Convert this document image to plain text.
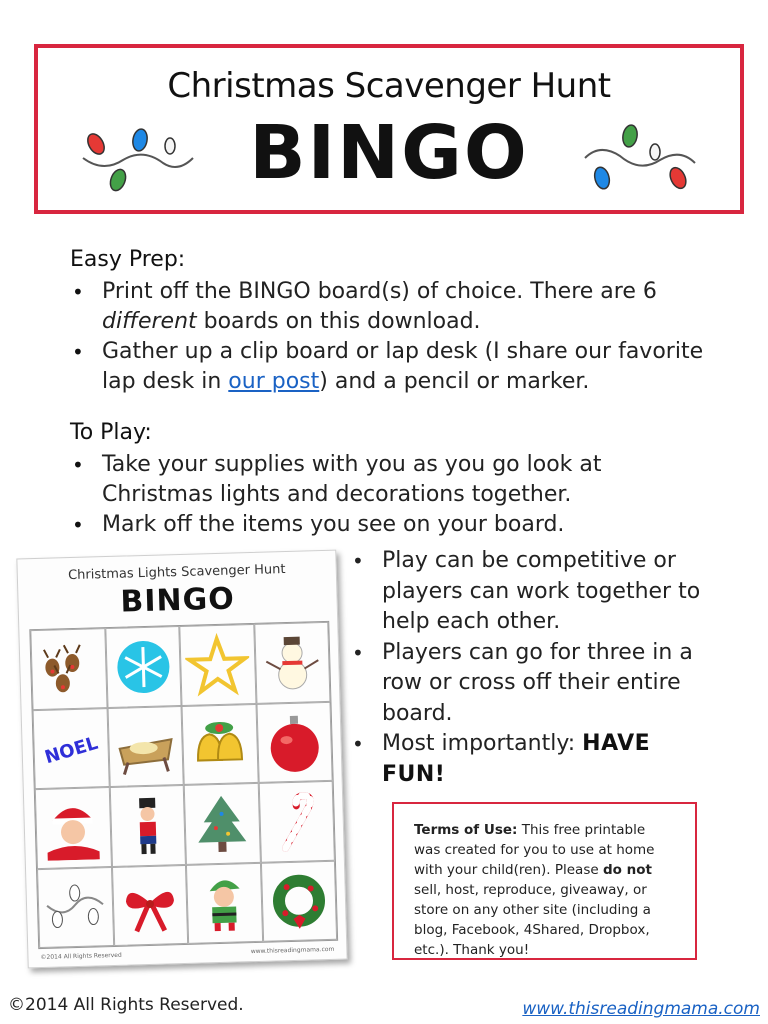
Christmas Scavenger Hunt
BINGO
Easy Prep:
• Print off the BINGO board(s) of choice. There are 6 different boards on this download.
• Gather up a clip board or lap desk (I share our favorite lap desk in our post) and a pencil or marker.
To Play:
• Take your supplies with you as you go look at Christmas lights and decorations together.
• Mark off the items you see on your board.
Christmas Lights Scavenger Hunt
BINGO
NOEL
©2014 All Rights Reserved
www.thisreadingmama.com
• Play can be competitive or players can work together to help each other.
• Players can go for three in a row or cross off their entire board.
• Most importantly: HAVE FUN!
Terms of Use: This free printable was created for you to use at home with your child(ren). Please do not sell, host, reproduce, giveaway, or store on any other site (including a blog, Facebook, 4Shared, Dropbox, etc.). Thank you!
©2014 All Rights Reserved.	www.thisreadingmama.com
